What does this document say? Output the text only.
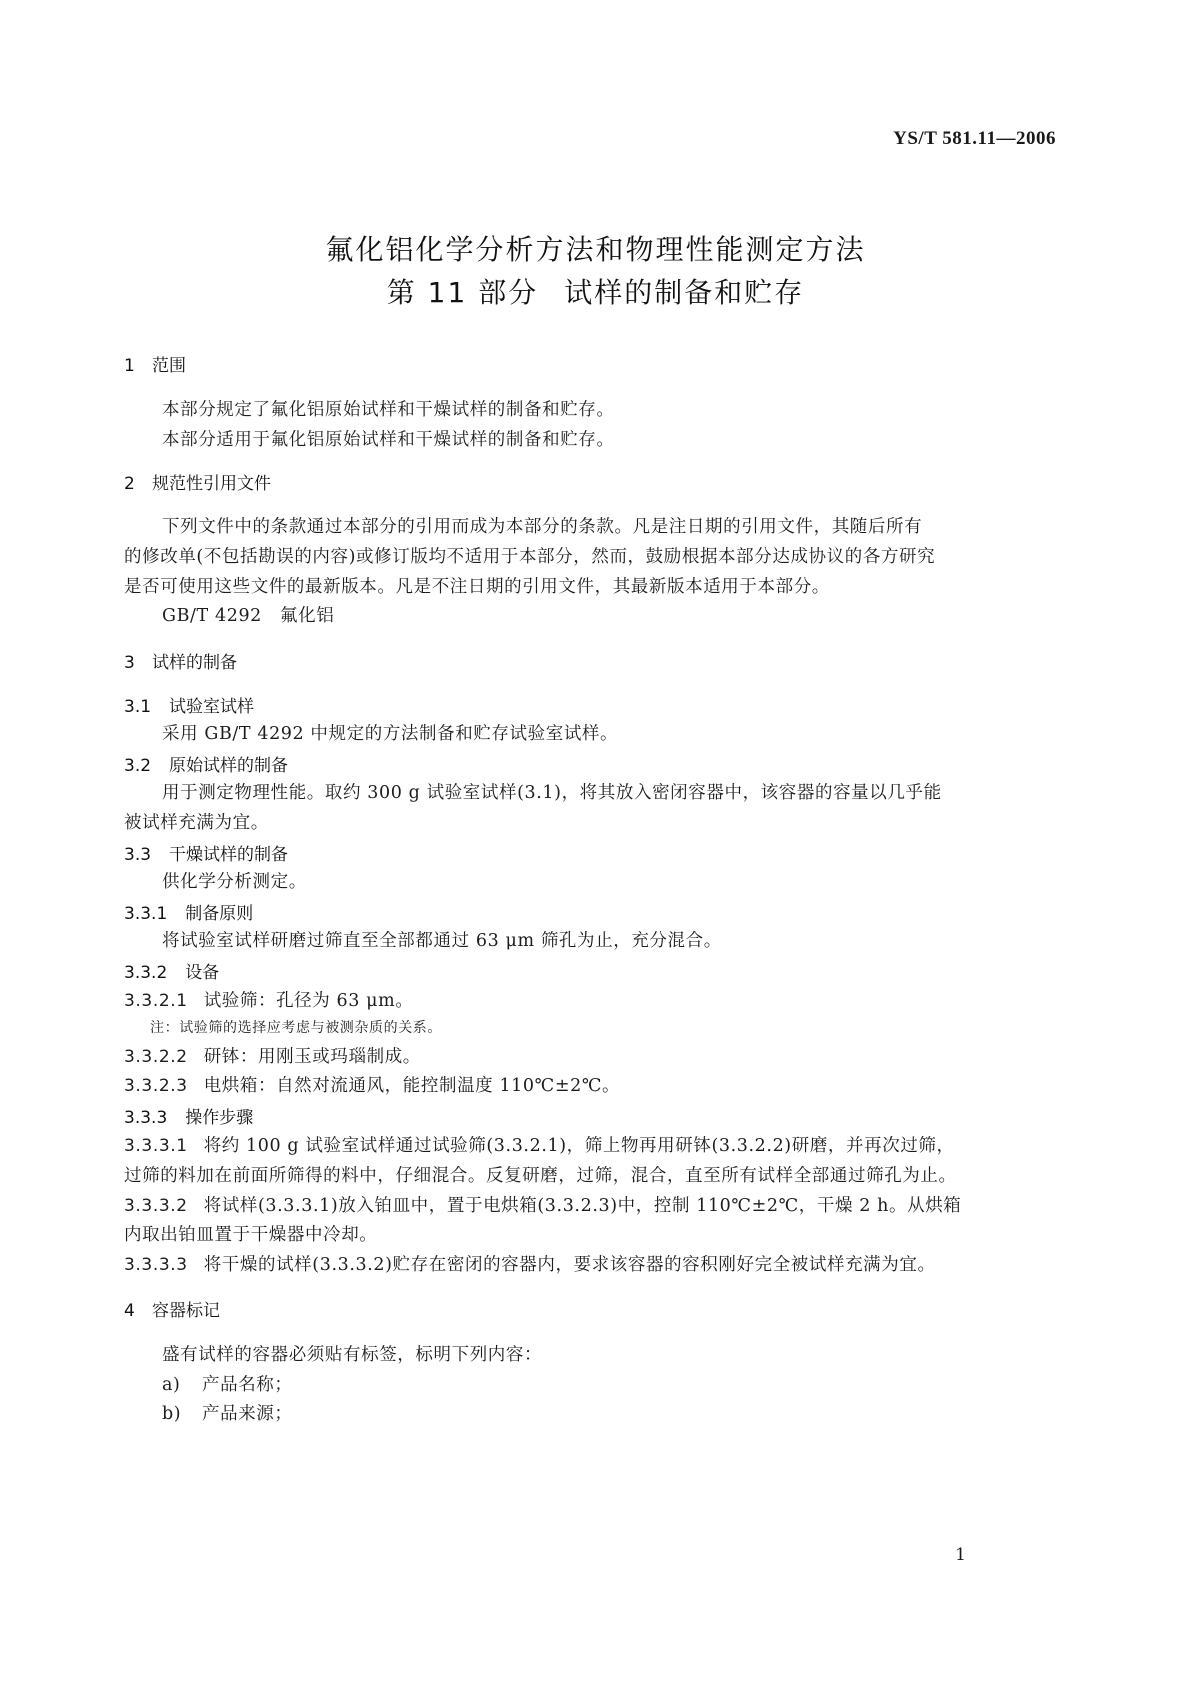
YS/T 581.11—2006
氟化铝化学分析方法和物理性能测定方法
第 11 部分 试样的制备和贮存
1 范围
本部分规定了氟化铝原始试样和干燥试样的制备和贮存。
本部分适用于氟化铝原始试样和干燥试样的制备和贮存。
2 规范性引用文件
下列文件中的条款通过本部分的引用而成为本部分的条款。凡是注日期的引用文件，其随后所有
的修改单(不包括勘误的内容)或修订版均不适用于本部分，然而，鼓励根据本部分达成协议的各方研究
是否可使用这些文件的最新版本。凡是不注日期的引用文件，其最新版本适用于本部分。
GB/T 4292　氟化铝
3 试样的制备
3.1 试验室试样
采用 GB/T 4292 中规定的方法制备和贮存试验室试样。
3.2 原始试样的制备
用于测定物理性能。取约 300 g 试验室试样(3.1)，将其放入密闭容器中，该容器的容量以几乎能
被试样充满为宜。
3.3 干燥试样的制备
供化学分析测定。
3.3.1 制备原则
将试验室试样研磨过筛直至全部都通过 63 μm 筛孔为止，充分混合。
3.3.2 设备
3.3.2.1 试验筛：孔径为 63 μm。
注：试验筛的选择应考虑与被测杂质的关系。
3.3.2.2 研钵：用刚玉或玛瑙制成。
3.3.2.3 电烘箱：自然对流通风，能控制温度 110℃±2℃。
3.3.3 操作步骤
3.3.3.1 将约 100 g 试验室试样通过试验筛(3.3.2.1)，筛上物再用研钵(3.3.2.2)研磨，并再次过筛，
过筛的料加在前面所筛得的料中，仔细混合。反复研磨，过筛，混合，直至所有试样全部通过筛孔为止。
3.3.3.2 将试样(3.3.3.1)放入铂皿中，置于电烘箱(3.3.2.3)中，控制 110℃±2℃，干燥 2 h。从烘箱
内取出铂皿置于干燥器中冷却。
3.3.3.3 将干燥的试样(3.3.3.2)贮存在密闭的容器内，要求该容器的容积刚好完全被试样充满为宜。
4 容器标记
盛有试样的容器必须贴有标签，标明下列内容：
a) 产品名称；
b) 产品来源；
1
